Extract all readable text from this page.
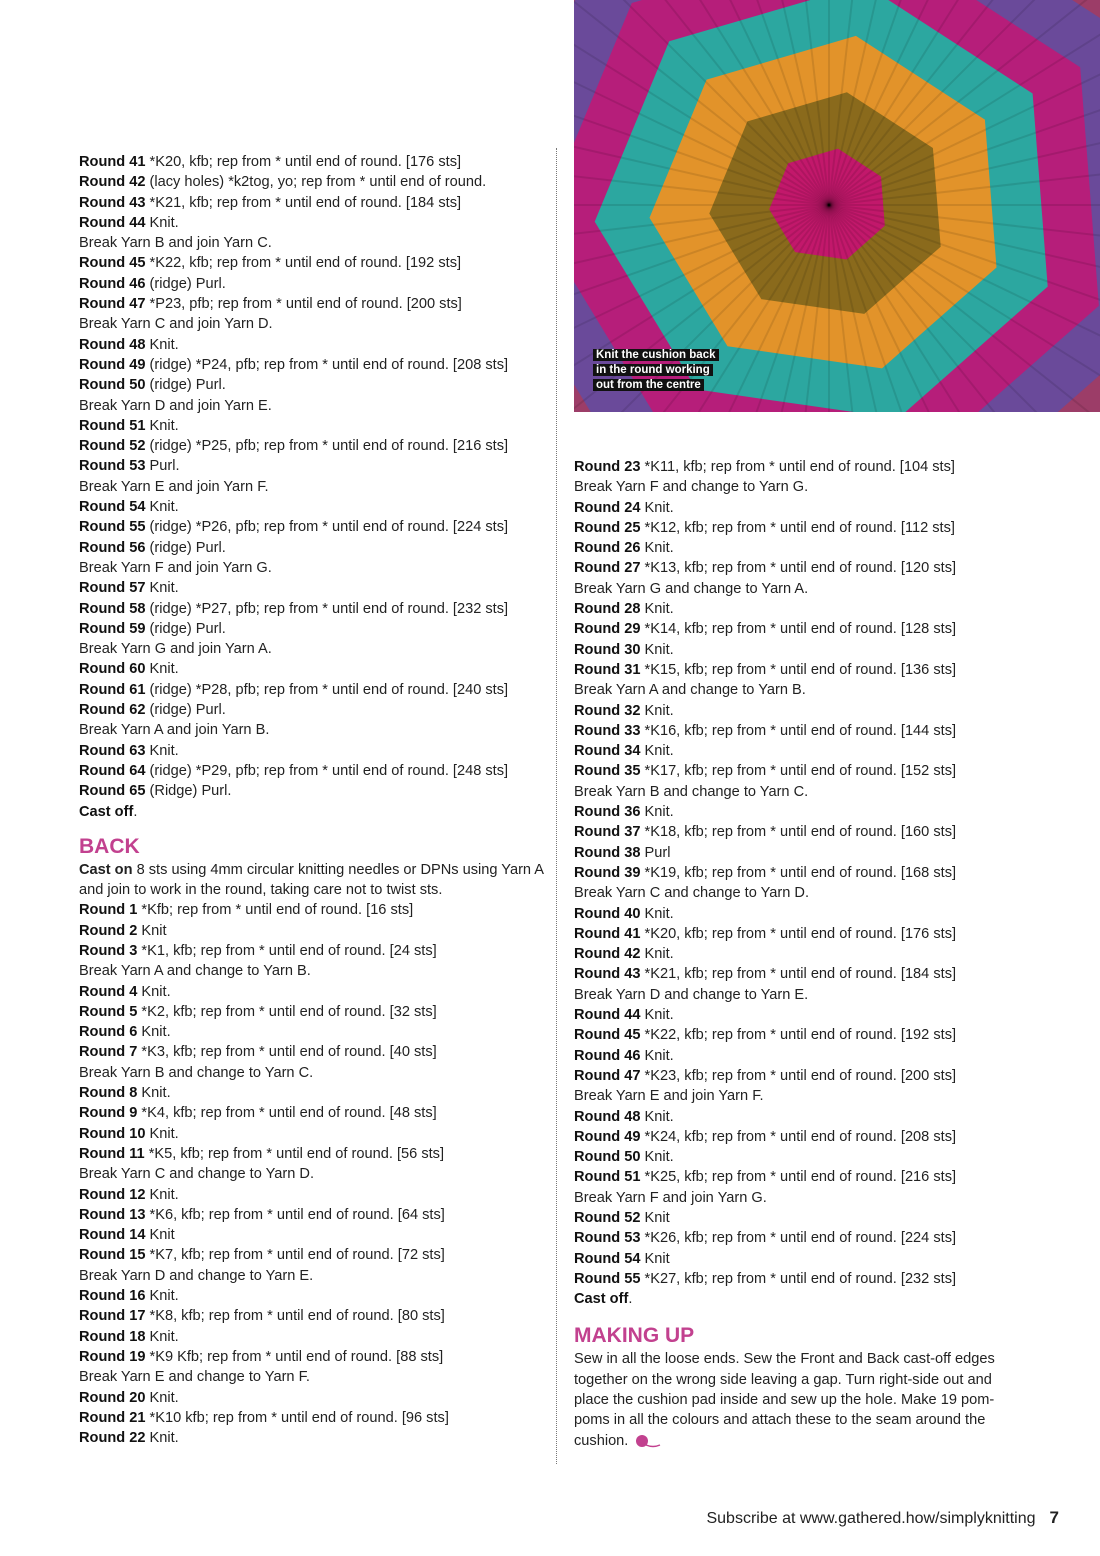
Knit the cushion back
in the round working
out from the centre
Round 41 *K20, kfb; rep from * until end of round. [176 sts]
Round 42 (lacy holes) *k2tog, yo; rep from * until end of round.
Round 43 *K21, kfb; rep from * until end of round. [184 sts]
Round 44 Knit.
Break Yarn B and join Yarn C.
Round 45 *K22, kfb; rep from * until end of round. [192 sts]
Round 46 (ridge) Purl.
Round 47 *P23, pfb; rep from * until end of round. [200 sts]
Break Yarn C and join Yarn D.
Round 48 Knit.
Round 49 (ridge) *P24, pfb; rep from * until end of round. [208 sts]
Round 50 (ridge) Purl.
Break Yarn D and join Yarn E.
Round 51 Knit.
Round 52 (ridge) *P25, pfb; rep from * until end of round. [216 sts]
Round 53 Purl.
Break Yarn E and join Yarn F.
Round 54 Knit.
Round 55 (ridge) *P26, pfb; rep from * until end of round. [224 sts]
Round 56 (ridge) Purl.
Break Yarn F and join Yarn G.
Round 57 Knit.
Round 58 (ridge) *P27, pfb; rep from * until end of round. [232 sts]
Round 59 (ridge) Purl.
Break Yarn G and join Yarn A.
Round 60 Knit.
Round 61 (ridge) *P28, pfb; rep from * until end of round. [240 sts]
Round 62 (ridge) Purl.
Break Yarn A and join Yarn B.
Round 63 Knit.
Round 64 (ridge) *P29, pfb; rep from * until end of round. [248 sts]
Round 65 (Ridge) Purl.
Cast off.
BACK
Cast on 8 sts using 4mm circular knitting needles or DPNs using Yarn A and join to work in the round, taking care not to twist sts.
Round 1 *Kfb; rep from * until end of round. [16 sts]
Round 2 Knit
Round 3 *K1, kfb; rep from * until end of round. [24 sts]
Break Yarn A and change to Yarn B.
Round 4 Knit.
Round 5 *K2, kfb; rep from * until end of round. [32 sts]
Round 6 Knit.
Round 7 *K3, kfb; rep from * until end of round. [40 sts]
Break Yarn B and change to Yarn C.
Round 8 Knit.
Round 9 *K4, kfb; rep from * until end of round. [48 sts]
Round 10 Knit.
Round 11 *K5, kfb; rep from * until end of round. [56 sts]
Break Yarn C and change to Yarn D.
Round 12 Knit.
Round 13 *K6, kfb; rep from * until end of round. [64 sts]
Round 14 Knit
Round 15 *K7, kfb; rep from * until end of round. [72 sts]
Break Yarn D and change to Yarn E.
Round 16 Knit.
Round 17 *K8, kfb; rep from * until end of round. [80 sts]
Round 18 Knit.
Round 19 *K9 Kfb; rep from * until end of round. [88 sts]
Break Yarn E and change to Yarn F.
Round 20 Knit.
Round 21 *K10 kfb; rep from * until end of round. [96 sts]
Round 22 Knit.
Round 23 *K11, kfb; rep from * until end of round. [104 sts]
Break Yarn F and change to Yarn G.
Round 24 Knit.
Round 25 *K12, kfb; rep from * until end of round. [112 sts]
Round 26 Knit.
Round 27 *K13, kfb; rep from * until end of round. [120 sts]
Break Yarn G and change to Yarn A.
Round 28 Knit.
Round 29 *K14, kfb; rep from * until end of round. [128 sts]
Round 30 Knit.
Round 31 *K15, kfb; rep from * until end of round. [136 sts]
Break Yarn A and change to Yarn B.
Round 32 Knit.
Round 33 *K16, kfb; rep from * until end of round. [144 sts]
Round 34 Knit.
Round 35 *K17, kfb; rep from * until end of round. [152 sts]
Break Yarn B and change to Yarn C.
Round 36 Knit.
Round 37 *K18, kfb; rep from * until end of round. [160 sts]
Round 38 Purl
Round 39 *K19, kfb; rep from * until end of round. [168 sts]
Break Yarn C and change to Yarn D.
Round 40 Knit.
Round 41 *K20, kfb; rep from * until end of round. [176 sts]
Round 42 Knit.
Round 43 *K21, kfb; rep from * until end of round. [184 sts]
Break Yarn D and change to Yarn E.
Round 44 Knit.
Round 45 *K22, kfb; rep from * until end of round. [192 sts]
Round 46 Knit.
Round 47 *K23, kfb; rep from * until end of round. [200 sts]
Break Yarn E and join Yarn F.
Round 48 Knit.
Round 49 *K24, kfb; rep from * until end of round. [208 sts]
Round 50 Knit.
Round 51 *K25, kfb; rep from * until end of round. [216 sts]
Break Yarn F and join Yarn G.
Round 52 Knit
Round 53 *K26, kfb; rep from * until end of round. [224 sts]
Round 54 Knit
Round 55 *K27, kfb; rep from * until end of round. [232 sts]
Cast off.
MAKING UP
Sew in all the loose ends. Sew the Front and Back cast-off edges together on the wrong side leaving a gap. Turn right-side out and place the cushion pad inside and sew up the hole. Make 19 pom-poms in all the colours and attach these to the seam around the cushion.
Subscribe at www.gathered.how/simplyknitting 7
